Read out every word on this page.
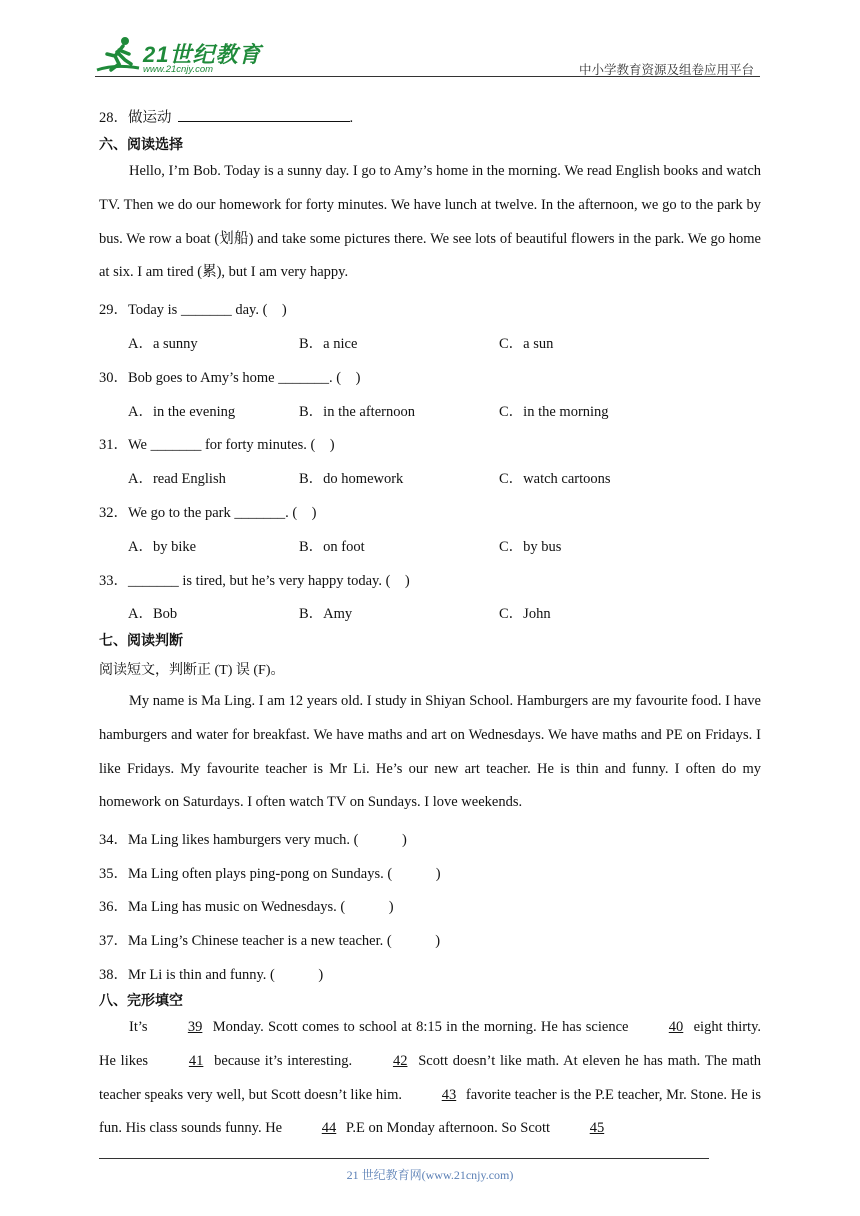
21世纪教育
www.21cnjy.com	中小学教育资源及组卷应用平台
28．做运动	.
六、阅读选择
Hello, I’m Bob. Today is a sunny day. I go to Amy’s home in the morning. We read English books and watch TV. Then we do our homework for forty minutes. We have lunch at twelve. In the afternoon, we go to the park by bus. We row a boat (划船) and take some pictures there. We see lots of beautiful flowers in the park. We go home at six. I am tired (累), but I am very happy.
29．Today is _______ day. (　)
A．a sunny	B．a nice	C．a sun
30．Bob goes to Amy’s home _______. (　)
A．in the evening	B．in the afternoon	C．in the morning
31．We _______ for forty minutes. (　)
A．read English	B．do homework	C．watch cartoons
32．We go to the park _______. (　)
A．by bike	B．on foot	C．by bus
33．_______ is tired, but he’s very happy today. (　)
A．Bob	B．Amy	C．John
七、阅读判断
阅读短文，判断正 (T) 误 (F)。
My name is Ma Ling. I am 12 years old. I study in Shiyan School. Hamburgers are my favourite food. I have hamburgers and water for breakfast. We have maths and art on Wednesdays. We have maths and PE on Fridays. I like Fridays. My favourite teacher is Mr Li. He’s our new art teacher. He is thin and funny. I often do my homework on Saturdays. I often watch TV on Sundays. I love weekends.
34．Ma Ling likes hamburgers very much. (　　　)
35．Ma Ling often plays ping-pong on Sundays. (　　　)
36．Ma Ling has music on Wednesdays. (　　　)
37．Ma Ling’s Chinese teacher is a new teacher. (　　　)
38．Mr Li is thin and funny. (　　　)
八、完形填空
It’s	39 Monday. Scott comes to school at 8:15 in the morning. He has science	40 eight thirty. He likes	41 because it’s interesting.	42 Scott doesn’t like math. At eleven he has math. The math teacher speaks very well, but Scott doesn’t like him.	43 favorite teacher is the P.E teacher, Mr. Stone. He is fun. His class sounds funny. He	44 P.E on Monday afternoon. So Scott	45
21 世纪教育网(www.21cnjy.com)
